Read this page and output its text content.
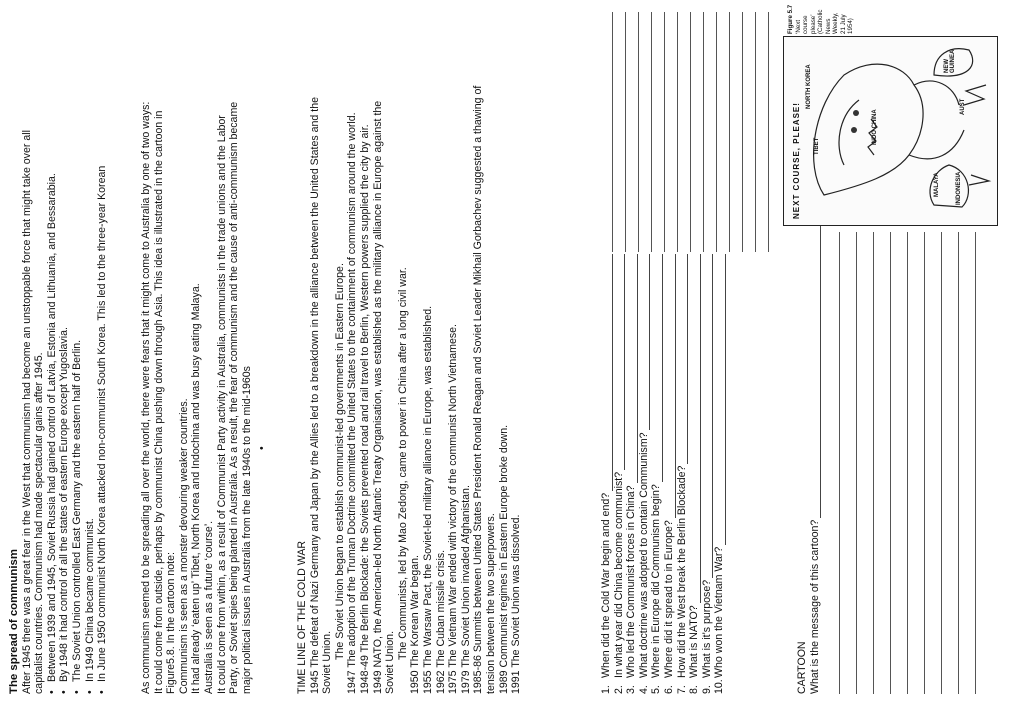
The spread of communism After 1945 there was a great fear in the West that communism had become an unstoppable force that might take over all capitalist countries. Communism had made spectacular gains after 1945. • Between 1939 and 1945, Soviet Russia had gained control of Latvia, Estonia and Lithuania, and Bessarabia. • By 1948 it had control of all the states of eastern Europe except Yugoslavia. • The Soviet Union controlled East Germany and the eastern half of Berlin. • In 1949 China became communist. • In June 1950 communist North Korea attacked non-communist South Korea. This led to the three-year Korean	•
As communism seemed to be spreading all over the world, there were fears that it might come to Australia by one of two ways: It could come from outside, perhaps by communist China pushing down through Asia. This idea is illustrated in the cartoon in Figure5.8. In the cartoon note: Communism is seen as a monster devouring weaker countries. It had already ‘eaten up’ Tibet, North Korea and Indochina and was busy eating Malaya. Australia is seen as a future ‘course’. It could come from within, as a result of Communist Party activity in Australia, communists in the trade unions and the Labor Party, or Soviet spies being planted in Australia. As a result, the fear of communism and the cause of anti-communism became major political issues in Australia from the late 1940s to the mid-1960s	TIME LINE OF THE COLD WAR 1945 The defeat of Nazi Germany and Japan by the Allies led to a breakdown in the alliance between the United States and the Soviet Union.
The Soviet Union began to establish communist-led governments in Eastern Europe. 1947 The adoption of the Truman Doctrine committed the United States to the containment of communism around the world. 1948-49 The Berlin Blockade: the Soviets prevented road and rail travel to Berlin, Western powers supplied the city by air. 1949 NATO, the American-led North Atlantic Treaty Organisation, was established as the military alliance in Europe against the Soviet Union.
The Communists, led by Mao Zedong, came to power in China after a long civil war. 1950 The Korean War began. 1955 The Warsaw Pact, the Soviet-led military alliance in Europe, was established. 1962 The Cuban missile crisis. 1975 The Vietnam War ended with victory of the communist North Vietnamese. 1979 The Soviet Union invaded Afghanistan. 1985-86 Summits between United States President Ronald Reagan and Soviet Leader Mikhail Gorbachev suggested a thawing of tension between the two superpowers. 1989 Communist regimes in Eastern Europe broke down. 1991 The Soviet Union was dissolved.	1.
When did the Cold War begin and end?
2.
In what year did China become communist?
3.
Who led the Communist forces in China?
4.
What doctrine was adopted to contain Communism?
5.
Where in Europe did Communism begin?
6.
Where did it spread to in Europe?
7.
How did the West break the Berlin Blockade?
8.
What is NATO?
9.
What is it’s purpose?
10.
Who won the Vietnam War?	CARTOON What is the message of this cartoon?
NEXT COURSE, PLEASE!
NORTH KOREA
TIBET
INDO CHINA
MALAYA	INDONESIA
AUST
NEW GUINEA
Figure 5.7 ‘Next course please’ (Catholic News Weekly, 21 July 1954)
